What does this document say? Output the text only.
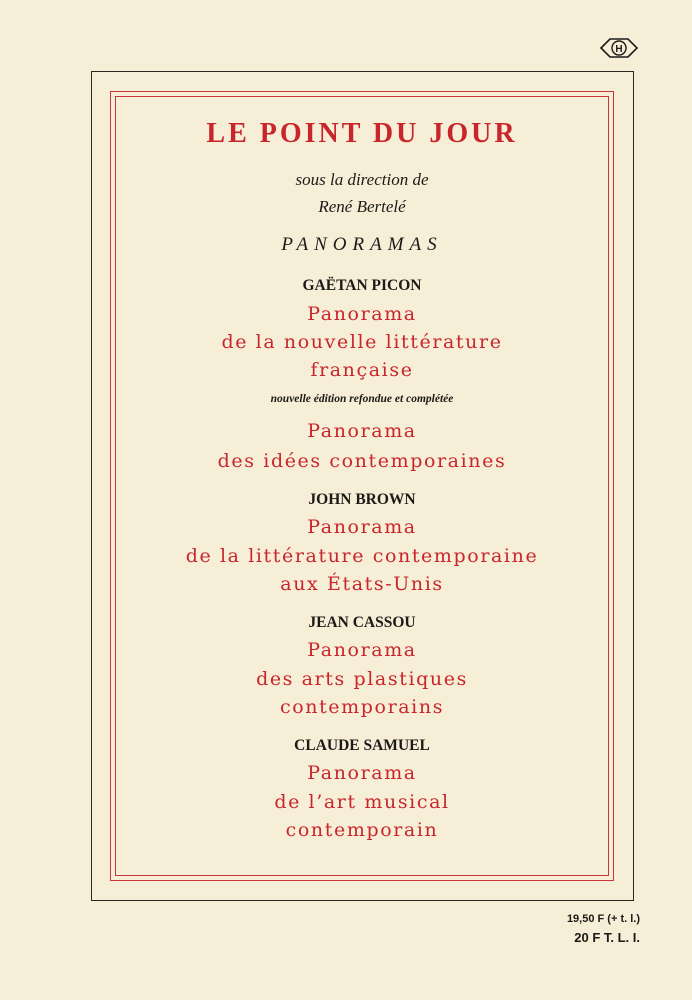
H
LE POINT DU JOUR
sous la direction de
René Bertelé
PANORAMAS
GAËTAN PICON
Panorama
de la nouvelle littérature
française
nouvelle édition refondue et complétée
Panorama
des idées contemporaines
JOHN BROWN
Panorama
de la littérature contemporaine
aux États-Unis
JEAN CASSOU
Panorama
des arts plastiques
contemporains
CLAUDE SAMUEL
Panorama
de l’art musical
contemporain
19,50 F (+ t. l.)
20 F T. L. I.
